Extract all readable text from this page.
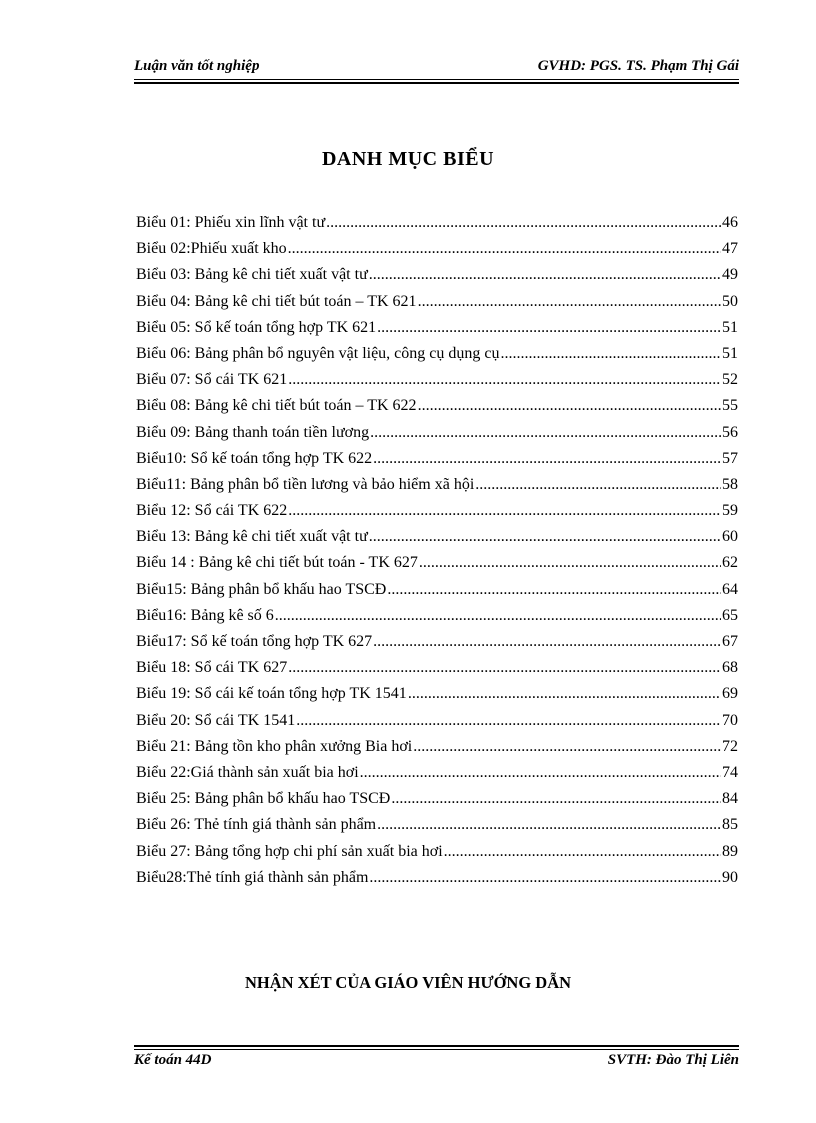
Luận văn tốt nghiệp	GVHD: PGS. TS. Phạm Thị Gái
DANH MỤC BIỂU
Biểu 01: Phiếu xin lĩnh vật tư .....	46
Biểu 02:Phiếu xuất kho .....	47
Biểu 03: Bảng kê chi tiết xuất vật tư .....	49
Biểu 04: Bảng kê chi tiết bút toán – TK 621 .....	50
Biểu 05: Sổ kế toán tổng hợp TK 621 .....	51
Biểu 06: Bảng phân bổ nguyên vật liệu, công cụ dụng cụ .....	51
Biểu 07: Sổ cái TK 621 .....	52
Biểu 08: Bảng kê chi tiết bút toán – TK 622 .....	55
Biểu 09: Bảng thanh toán tiền lương .....	56
Biểu10: Sổ kế toán tổng hợp TK 622 .....	57
Biểu11: Bảng phân bổ tiền lương và bảo hiểm xã hội .....	58
Biểu 12: Sổ cái TK 622 .....	59
Biểu 13: Bảng kê chi tiết xuất vật tư .....	60
Biểu 14 : Bảng kê chi tiết bút toán - TK 627 .....	62
Biểu15: Bảng phân bổ khấu hao TSCĐ .....	64
Biểu16: Bảng kê số 6 .....	65
Biểu17: Sổ kế toán tổng hợp TK 627 .....	67
Biểu 18: Sổ cái TK 627 .....	68
Biểu 19: Sổ cái kế toán tổng hợp TK 1541 .....	69
Biểu 20: Sổ cái TK 1541 .....	70
Biểu 21: Bảng tồn kho phân xưởng Bia hơi .....	72
Biểu 22:Giá thành sản xuất bia hơi .....	74
Biểu 25: Bảng phân bổ khấu hao TSCĐ .....	84
Biểu 26: Thẻ tính giá thành sản phẩm .....	85
Biểu 27: Bảng tổng hợp chi phí sản xuất bia hơi .....	89
Biểu28:Thẻ tính giá thành sản phẩm .....	90
NHẬN XÉT CỦA GIÁO VIÊN HƯỚNG DẪN
Kế toán 44D	SVTH: Đào Thị Liên
